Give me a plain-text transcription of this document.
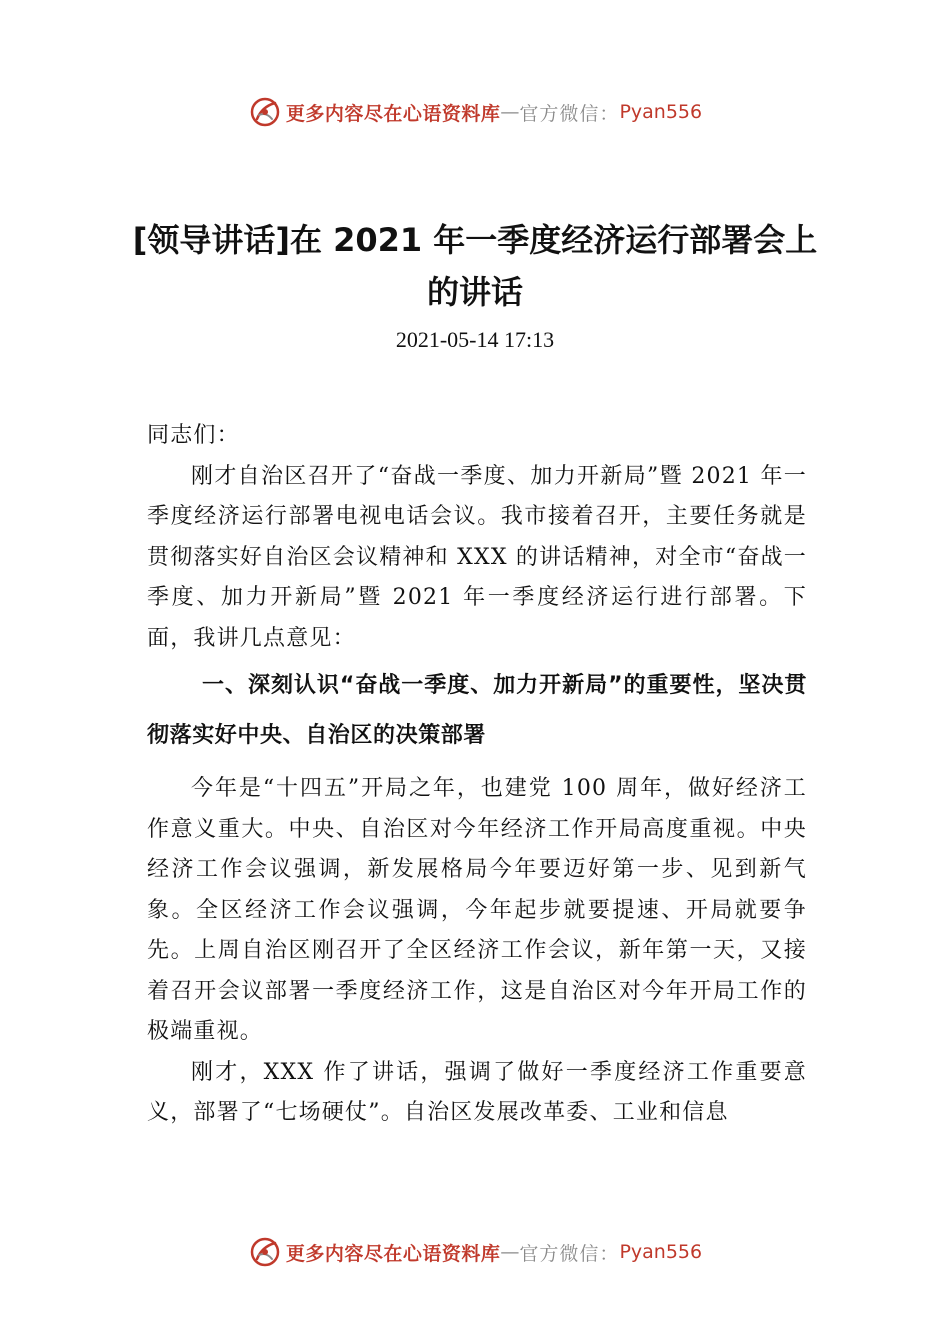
更多内容尽在心语资料库 — 官方微信： Pyan556
[领导讲话]在 2021 年一季度经济运行部署会上的讲话
2021-05-14 17:13

同志们：

刚才自治区召开了“奋战一季度、加力开新局”暨 2021 年一季度经济运行部署电视电话会议。我市接着召开，主要任务就是贯彻落实好自治区会议精神和 XXX 的讲话精神，对全市“奋战一季度、加力开新局”暨 2021 年一季度经济运行进行部署。下面，我讲几点意见：

一、深刻认识“奋战一季度、加力开新局”的重要性，坚决贯彻落实好中央、自治区的决策部署

今年是“十四五”开局之年，也建党 100 周年，做好经济工作意义重大。中央、自治区对今年经济工作开局高度重视。中央经济工作会议强调，新发展格局今年要迈好第一步、见到新气象。全区经济工作会议强调，今年起步就要提速、开局就要争先。上周自治区刚召开了全区经济工作会议，新年第一天，又接着召开会议部署一季度经济工作，这是自治区对今年开局工作的极端重视。

刚才，XXX 作了讲话，强调了做好一季度经济工作重要意义，部署了“七场硬仗”。自治区发展改革委、工业和信息

更多内容尽在心语资料库 — 官方微信： Pyan556
